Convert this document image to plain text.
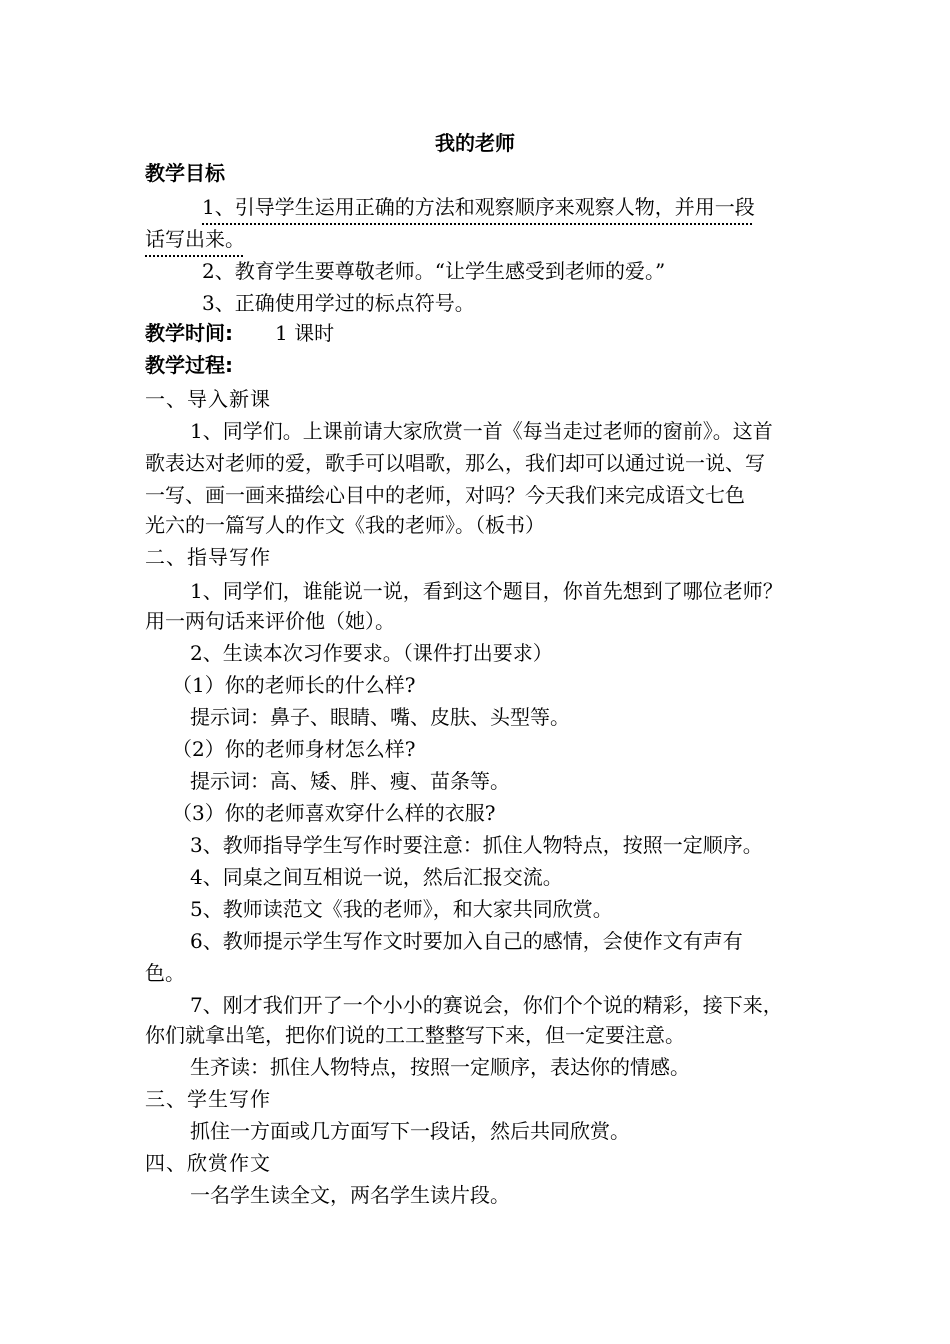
我的老师
教学目标
1、引导学生运用正确的方法和观察顺序来观察人物，并用一段
话写出来。
2、教育学生要尊敬老师。“让学生感受到老师的爱。”
3、正确使用学过的标点符号。
教学时间: 1 课时
教学过程:
一、导入新课
1、同学们。上课前请大家欣赏一首《每当走过老师的窗前》。这首
歌表达对老师的爱，歌手可以唱歌，那么，我们却可以通过说一说、写
一写、画一画来描绘心目中的老师，对吗？今天我们来完成语文七色
光六的一篇写人的作文《我的老师》。（板书）
二、指导写作
1、同学们，谁能说一说，看到这个题目，你首先想到了哪位老师？
用一两句话来评价他（她）。
2、生读本次习作要求。（课件打出要求）
（1）你的老师长的什么样?
提示词：鼻子、眼睛、嘴、皮肤、头型等。
（2）你的老师身材怎么样?
提示词：高、矮、胖、瘦、苗条等。
（3）你的老师喜欢穿什么样的衣服?
3、教师指导学生写作时要注意：抓住人物特点，按照一定顺序。
4、同桌之间互相说一说，然后汇报交流。
5、教师读范文《我的老师》，和大家共同欣赏。
6、教师提示学生写作文时要加入自己的感情，会使作文有声有
色。
7、刚才我们开了一个小小的赛说会，你们个个说的精彩，接下来，
你们就拿出笔，把你们说的工工整整写下来，但一定要注意。
生齐读：抓住人物特点，按照一定顺序，表达你的情感。
三、学生写作
抓住一方面或几方面写下一段话，然后共同欣赏。
四、欣赏作文
一名学生读全文，两名学生读片段。
